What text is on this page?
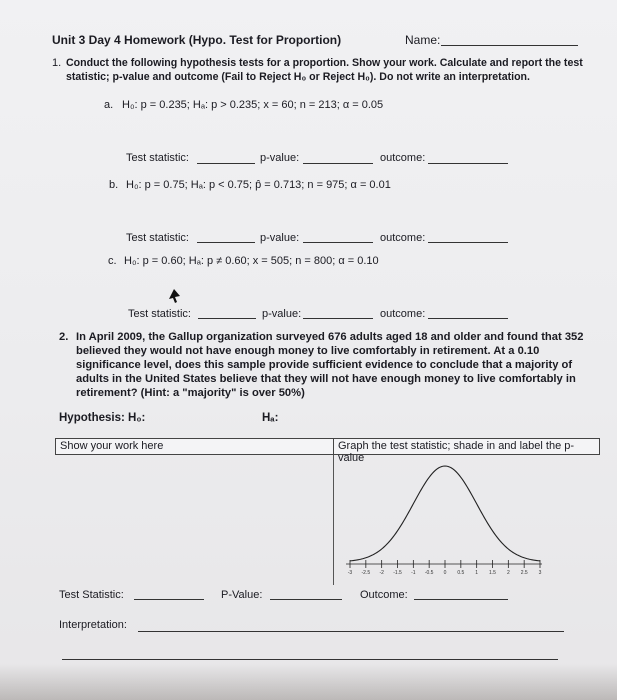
Unit 3 Day 4 Homework (Hypo. Test for Proportion)	Name:
1. Conduct the following hypothesis tests for a proportion. Show your work. Calculate and report the test
statistic; p-value and outcome (Fail to Reject H₀ or Reject H₀). Do not write an interpretation.
a. H₀: p = 0.235; Hₐ: p > 0.235; x = 60; n = 213; α = 0.05
Test statistic:	p-value:	outcome:
b. H₀: p = 0.75; Hₐ: p < 0.75; p̂ = 0.713; n = 975; α = 0.01
Test statistic:	p-value:	outcome:
c. H₀: p = 0.60; Hₐ: p ≠ 0.60; x = 505; n = 800; α = 0.10
Test statistic:	p-value:	outcome:
2. In April 2009, the Gallup organization surveyed 676 adults aged 18 and older and found that 352
believed they would not have enough money to live comfortably in retirement. At a 0.10
significance level, does this sample provide sufficient evidence to conclude that a majority of
adults in the United States believe that they will not have enough money to live comfortably in
retirement? (Hint: a "majority" is over 50%)
Hypothesis: H₀:	Hₐ:
Show your work here	Graph the test statistic; shade in and label the p-value
-3 -2.5 -2 -1.5 -1 -0.5 0 0.5 1 1.5 2 2.5 3
Test Statistic:	P-Value:	Outcome:
Interpretation:
